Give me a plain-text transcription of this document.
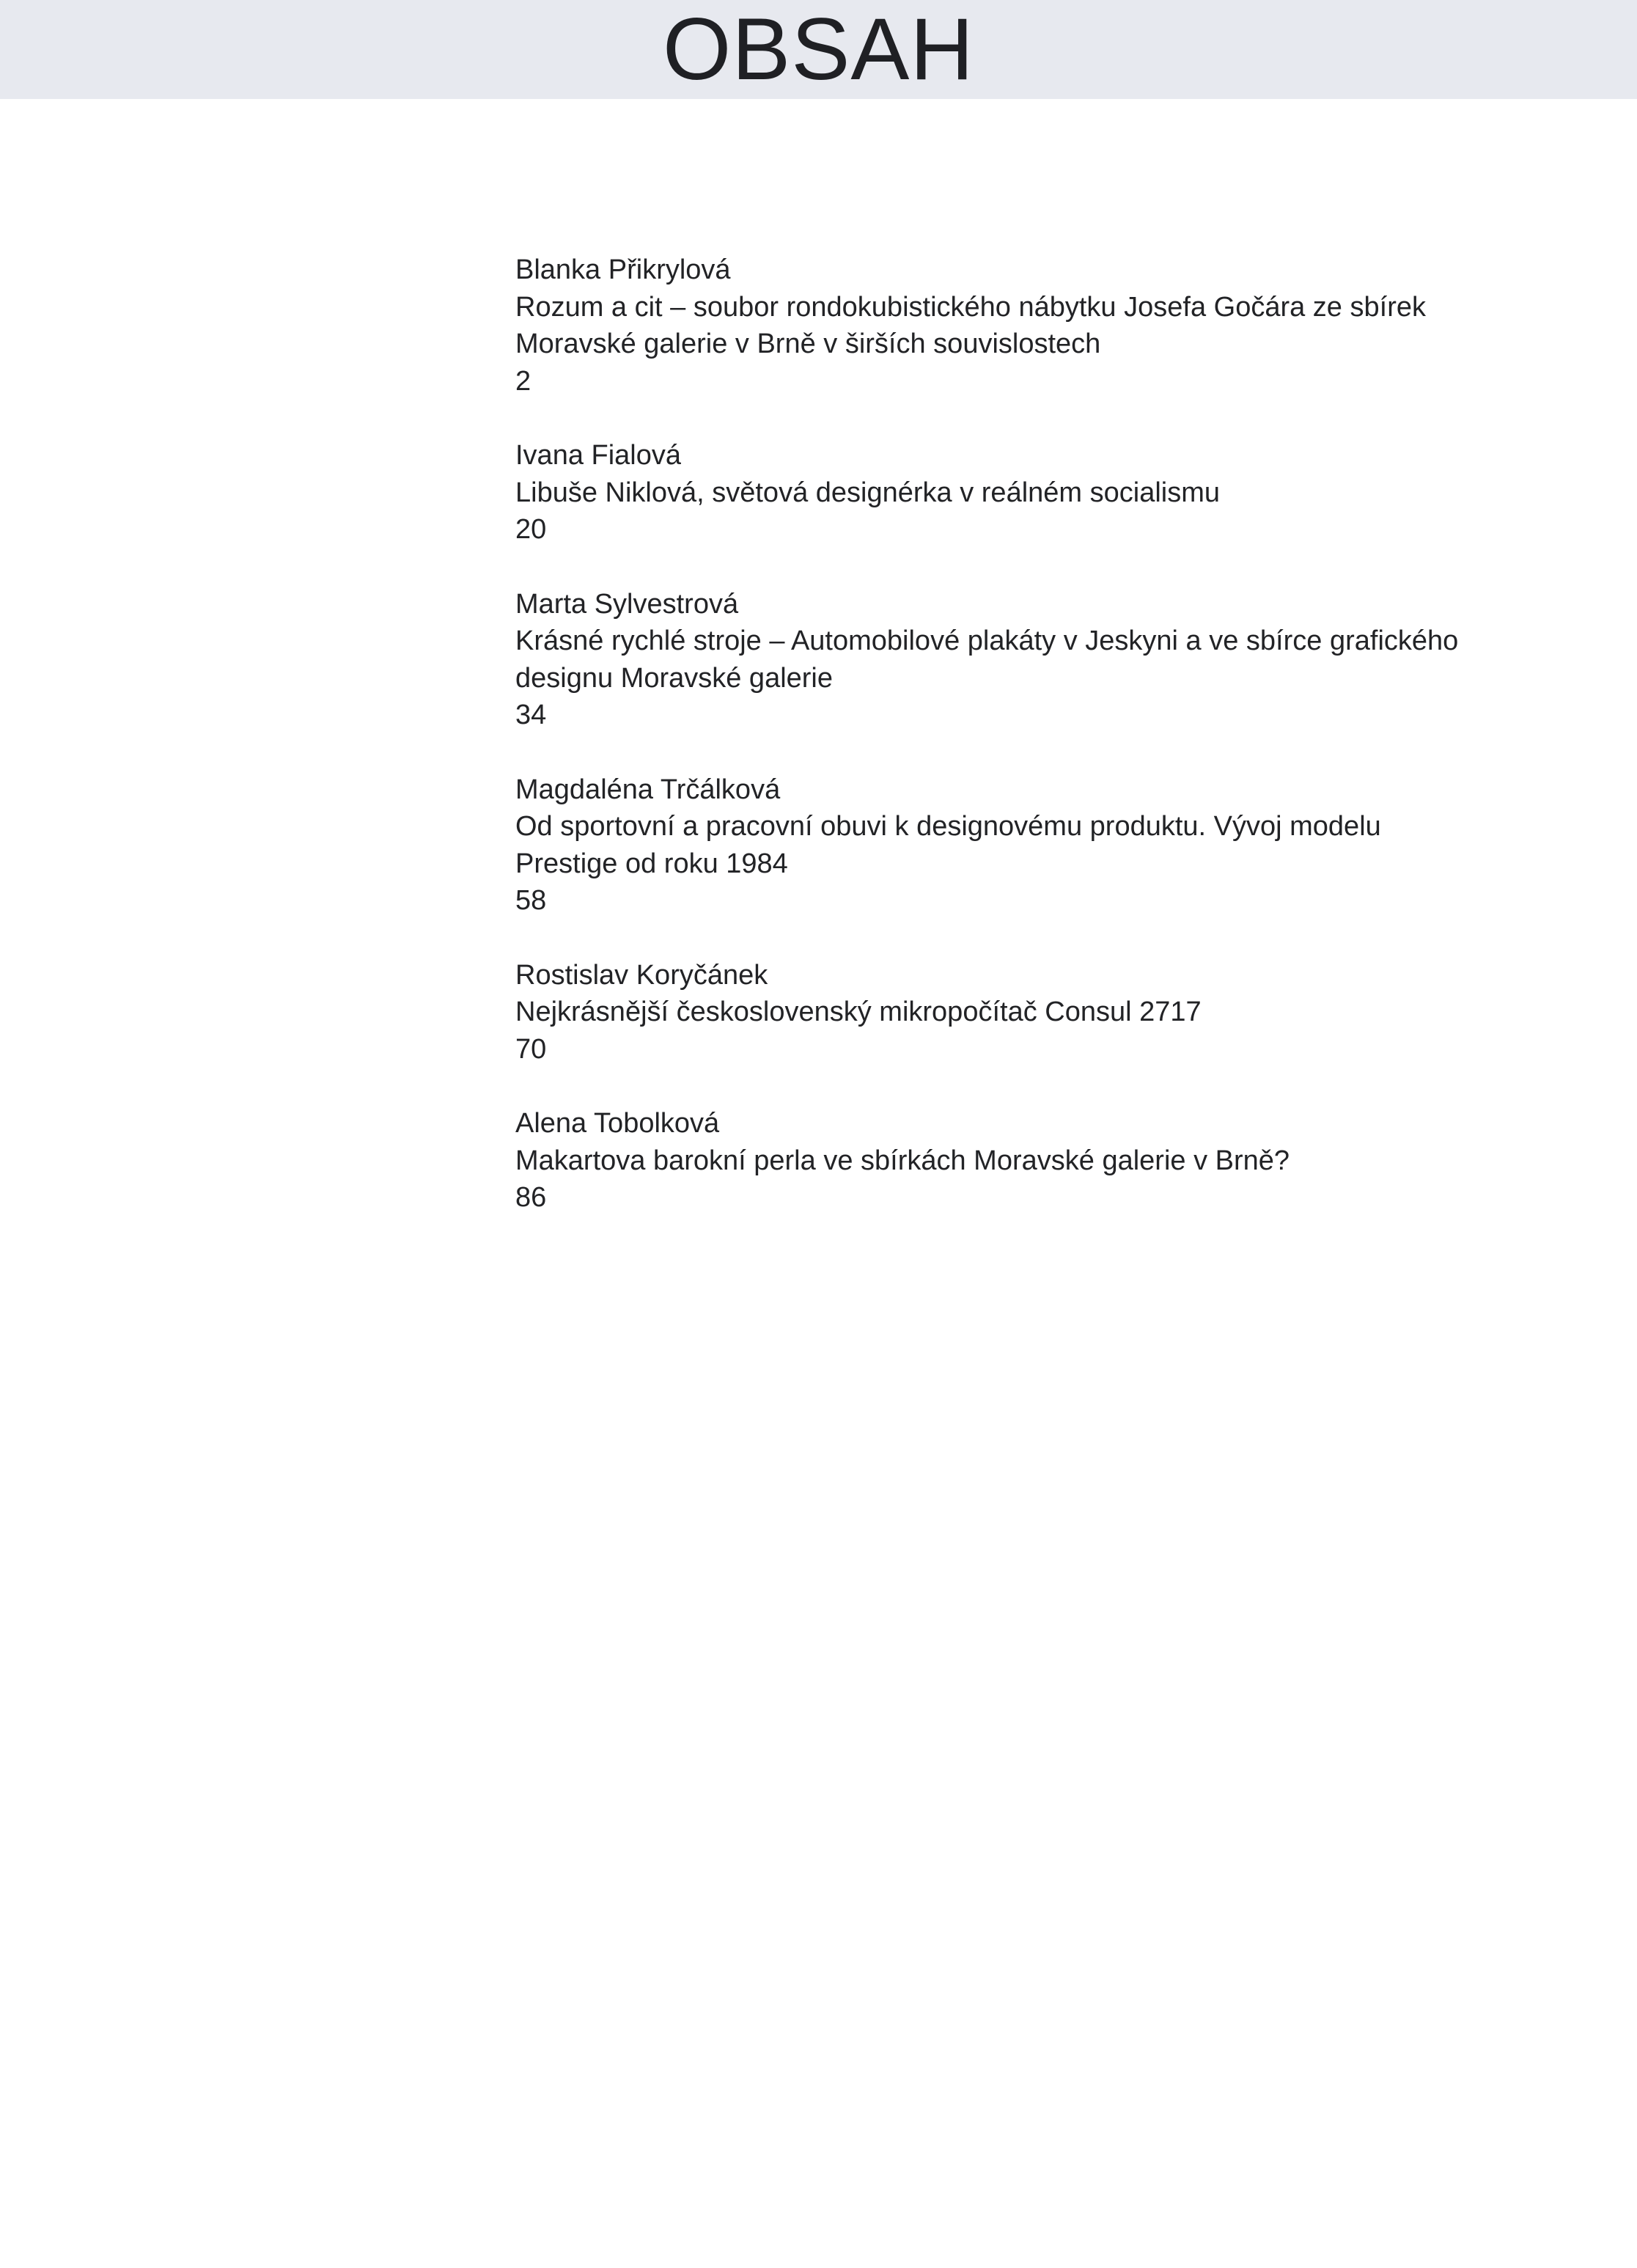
OBSAH
Blanka Přikrylová
Rozum a cit – soubor rondokubistického nábytku Josefa Gočára ze sbírek
Moravské galerie v Brně v širších souvislostech
2
Ivana Fialová
Libuše Niklová, světová designérka v reálném socialismu
20
Marta Sylvestrová
Krásné rychlé stroje – Automobilové plakáty v Jeskyni a ve sbírce grafického
designu Moravské galerie
34
Magdaléna Trčálková
Od sportovní a pracovní obuvi k designovému produktu. Vývoj modelu
Prestige od roku 1984
58
Rostislav Koryčánek
Nejkrásnější československý mikropočítač Consul 2717
70
Alena Tobolková
Makartova barokní perla ve sbírkách Moravské galerie v Brně?
86
